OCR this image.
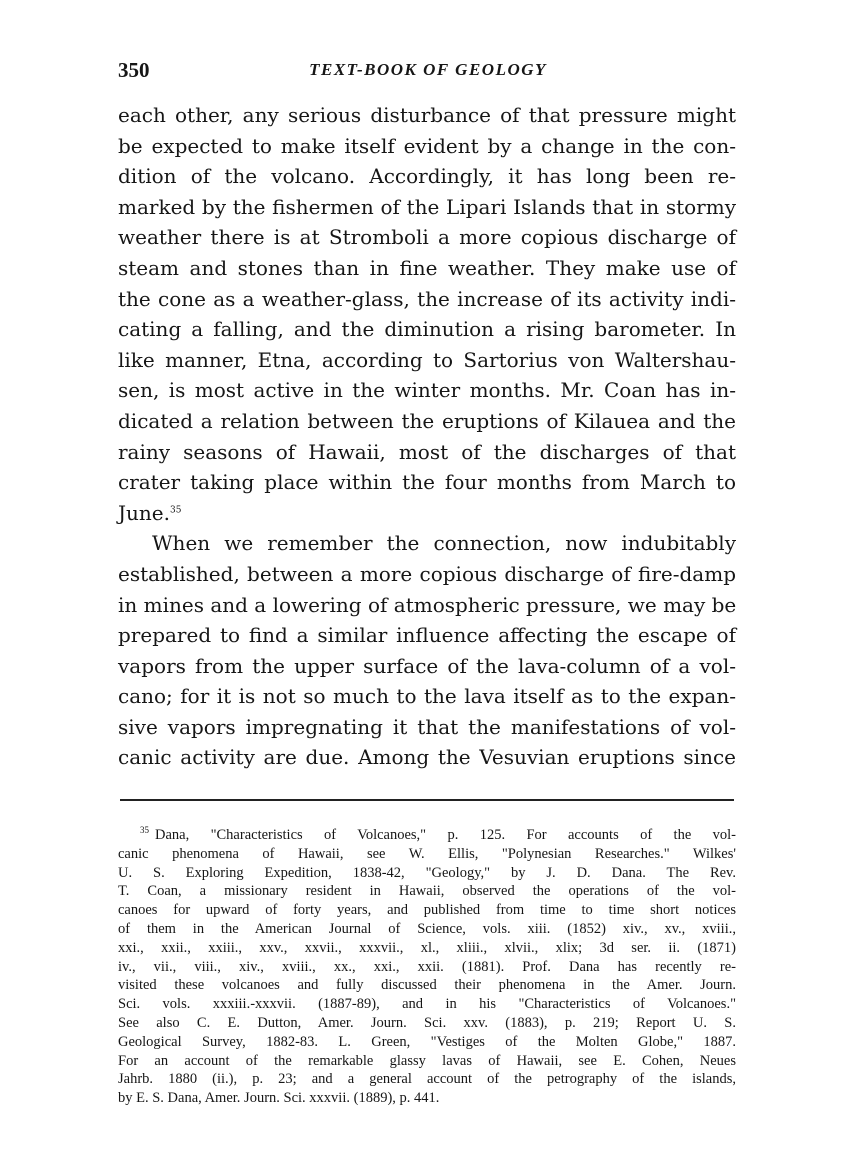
350	TEXT-BOOK OF GEOLOGY
each other, any serious disturbance of that pressure might
be expected to make itself evident by a change in the con-
dition of the volcano. Accordingly, it has long been re-
marked by the fishermen of the Lipari Islands that in stormy
weather there is at Stromboli a more copious discharge of
steam and stones than in fine weather. They make use of
the cone as a weather-glass, the increase of its activity indi-
cating a falling, and the diminution a rising barometer. In
like manner, Etna, according to Sartorius von Waltershau-
sen, is most active in the winter months. Mr. Coan has in-
dicated a relation between the eruptions of Kilauea and the
rainy seasons of Hawaii, most of the discharges of that
crater taking place within the four months from March to
June.$^{35}$
When we remember the connection, now indubitably
established, between a more copious discharge of fire-damp
in mines and a lowering of atmospheric pressure, we may be
prepared to find a similar influence affecting the escape of
vapors from the upper surface of the lava-column of a vol-
cano; for it is not so much to the lava itself as to the expan-
sive vapors impregnating it that the manifestations of vol-
canic activity are due. Among the Vesuvian eruptions since
$^{35}$ Dana, "Characteristics of Volcanoes," p. 125. For accounts of the vol-
canic phenomena of Hawaii, see W. Ellis, "Polynesian Researches." Wilkes'
U. S. Exploring Expedition, 1838-42, "Geology," by J. D. Dana. The Rev.
T. Coan, a missionary resident in Hawaii, observed the operations of the vol-
canoes for upward of forty years, and published from time to time short notices
of them in the American Journal of Science, vols. xiii. (1852) xiv., xv., xviii.,
xxi., xxii., xxiii., xxv., xxvii., xxxvii., xl., xliii., xlvii., xlix; 3d ser. ii. (1871)
iv., vii., viii., xiv., xviii., xx., xxi., xxii. (1881). Prof. Dana has recently re-
visited these volcanoes and fully discussed their phenomena in the Amer. Journ.
Sci. vols. xxxiii.-xxxvii. (1887-89), and in his "Characteristics of Volcanoes."
See also C. E. Dutton, Amer. Journ. Sci. xxv. (1883), p. 219; Report U. S.
Geological Survey, 1882-83. L. Green, "Vestiges of the Molten Globe," 1887.
For an account of the remarkable glassy lavas of Hawaii, see E. Cohen, Neues
Jahrb. 1880 (ii.), p. 23; and a general account of the petrography of the islands,
by E. S. Dana, Amer. Journ. Sci. xxxvii. (1889), p. 441.
